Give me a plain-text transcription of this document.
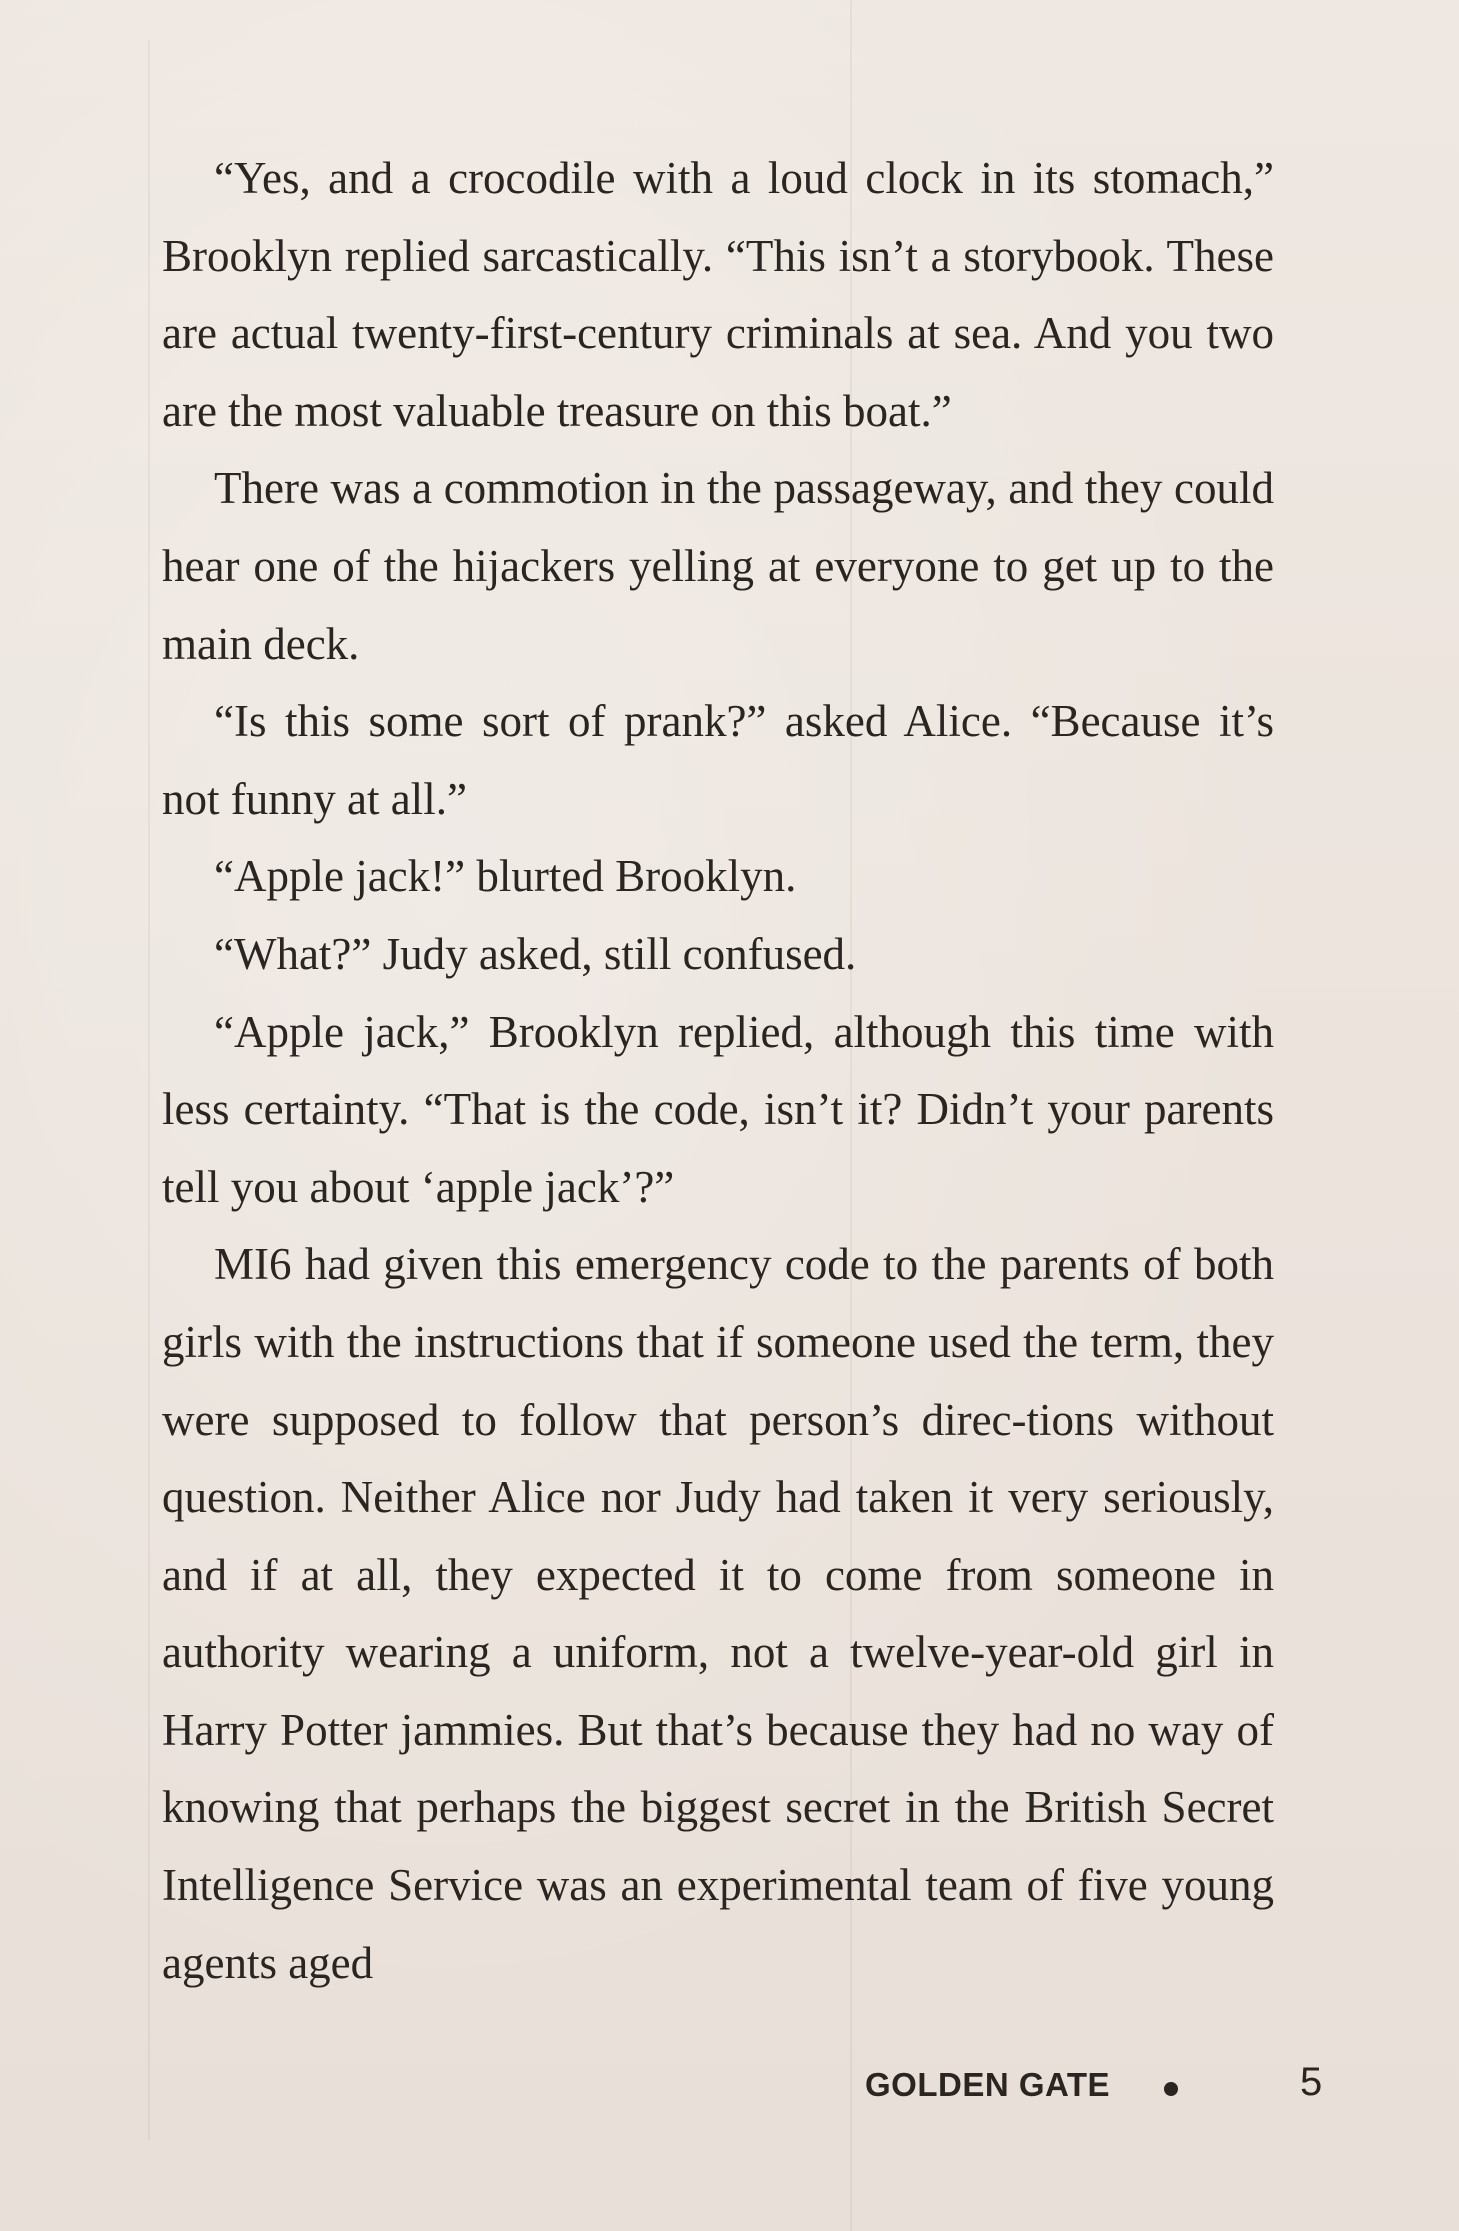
“Yes, and a crocodile with a loud clock in its stomach,” Brooklyn replied sarcastically. “This isn’t a storybook. These are actual twenty-first-century criminals at sea. And you two are the most valuable treasure on this boat.”

There was a commotion in the passageway, and they could hear one of the hijackers yelling at everyone to get up to the main deck.

“Is this some sort of prank?” asked Alice. “Because it’s not funny at all.”

“Apple jack!” blurted Brooklyn.

“What?” Judy asked, still confused.

“Apple jack,” Brooklyn replied, although this time with less certainty. “That is the code, isn’t it? Didn’t your parents tell you about ‘apple jack’?”

MI6 had given this emergency code to the parents of both girls with the instructions that if someone used the term, they were supposed to follow that person’s direc-tions without question. Neither Alice nor Judy had taken it very seriously, and if at all, they expected it to come from someone in authority wearing a uniform, not a twelve-year-old girl in Harry Potter jammies. But that’s because they had no way of knowing that perhaps the biggest secret in the British Secret Intelligence Service was an experimental team of five young agents aged

GOLDEN GATE	5
